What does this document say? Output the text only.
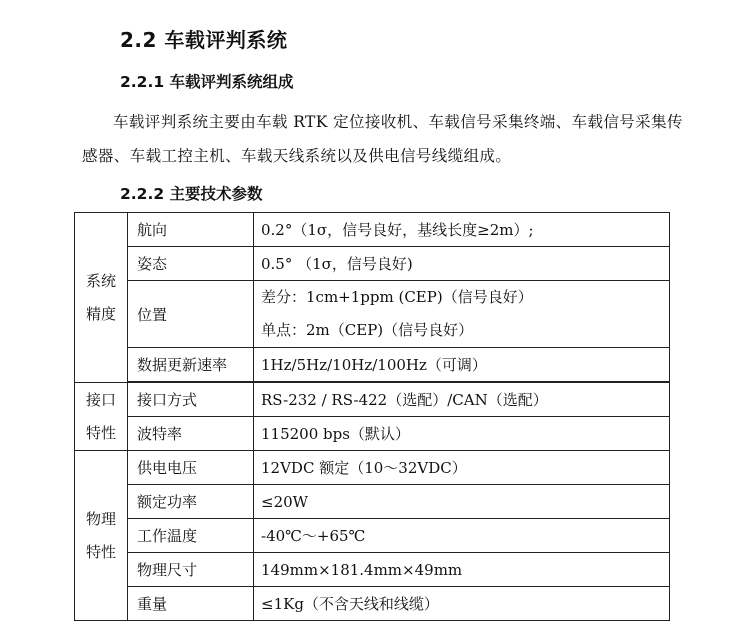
2.2 车载评判系统
2.2.1 车载评判系统组成
车载评判系统主要由车载 RTK 定位接收机、车载信号采集终端、车载信号采集传感器、车载工控主机、车载天线系统以及供电信号线缆组成。
2.2.2 主要技术参数
系统
精度	航向	0.2°（1σ，信号良好，基线长度≥2m）;
	姿态	0.5° （1σ，信号良好)
	位置	差分：1cm+1ppm (CEP)（信号良好）
单点：2m（CEP)（信号良好）

	数据更新速率	1Hz/5Hz/10Hz/100Hz（可调）

接口
特性	接口方式	RS-232 / RS-422（选配）/CAN（选配）
	波特率	115200 bps（默认）

物理
特性	供电电压	12VDC 额定（10～32VDC）
	额定功率	≤20W
	工作温度	-40℃～+65℃
	物理尺寸	149mm×181.4mm×49mm
	重量	≤1Kg（不含天线和线缆）
